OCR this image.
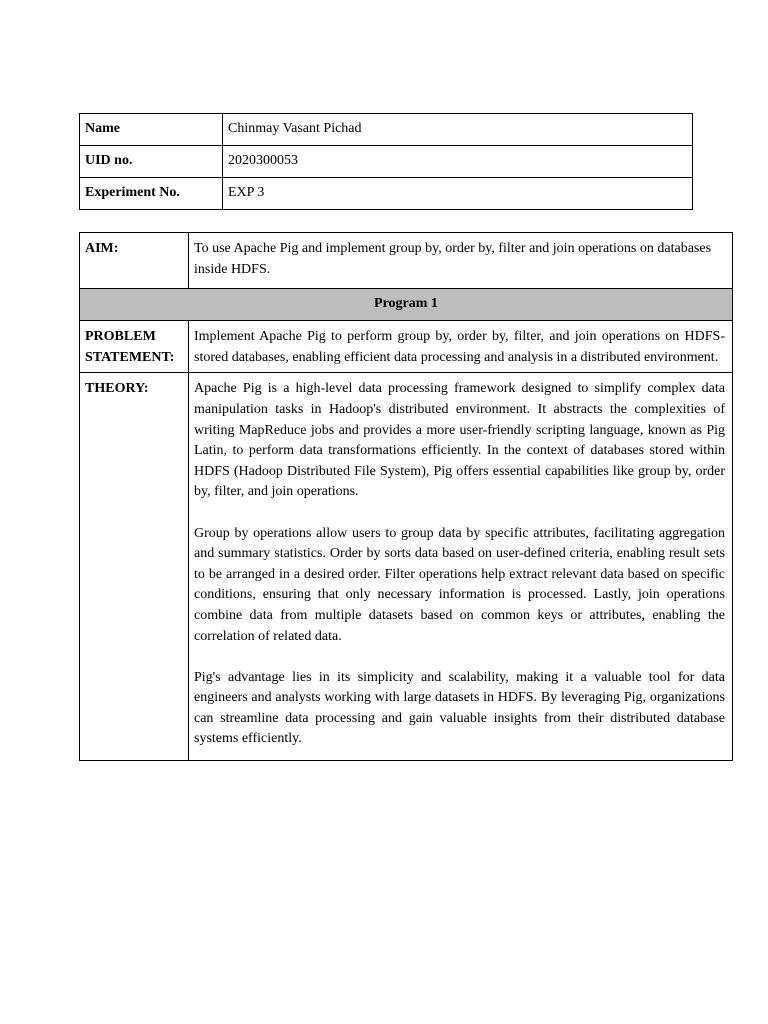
Name	Chinmay Vasant Pichad
UID no.	2020300053
Experiment No.	EXP 3
AIM:	To use Apache Pig and implement group by, order by, filter and join operations on databases inside HDFS.
Program 1	
PROBLEM STATEMENT:	Implement Apache Pig to perform group by, order by, filter, and join operations on HDFS-stored databases, enabling efficient data processing and analysis in a distributed environment.
THEORY:	Apache Pig is a high-level data processing framework designed to simplify complex data manipulation tasks in Hadoop's distributed environment. It abstracts the complexities of writing MapReduce jobs and provides a more user-friendly scripting language, known as Pig Latin, to perform data transformations efficiently. In the context of databases stored within HDFS (Hadoop Distributed File System), Pig offers essential capabilities like group by, order by, filter, and join operations.

Group by operations allow users to group data by specific attributes, facilitating aggregation and summary statistics. Order by sorts data based on user-defined criteria, enabling result sets to be arranged in a desired order. Filter operations help extract relevant data based on specific conditions, ensuring that only necessary information is processed. Lastly, join operations combine data from multiple datasets based on common keys or attributes, enabling the correlation of related data.

Pig's advantage lies in its simplicity and scalability, making it a valuable tool for data engineers and analysts working with large datasets in HDFS. By leveraging Pig, organizations can streamline data processing and gain valuable insights from their distributed database systems efficiently.
